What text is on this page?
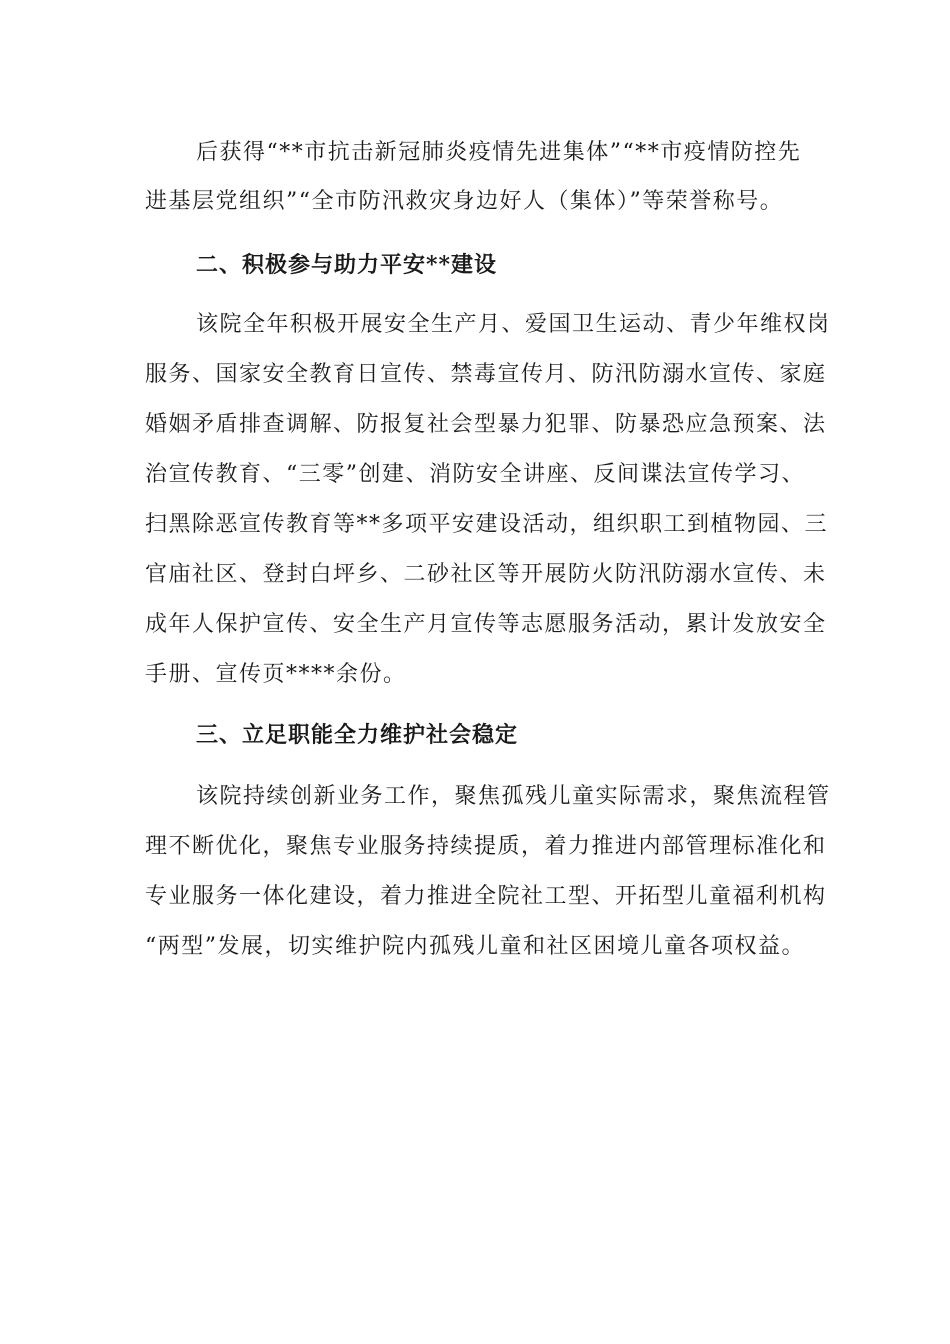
后获得“**市抗击新冠肺炎疫情先进集体”“**市疫情防控先
进基层党组织”“全市防汛救灾身边好人（集体）”等荣誉称号。
二、积极参与助力平安**建设
该院全年积极开展安全生产月、爱国卫生运动、青少年维权岗
服务、国家安全教育日宣传、禁毒宣传月、防汛防溺水宣传、家庭
婚姻矛盾排查调解、防报复社会型暴力犯罪、防暴恐应急预案、法
治宣传教育、“三零”创建、消防安全讲座、反间谍法宣传学习、
扫黑除恶宣传教育等**多项平安建设活动，组织职工到植物园、三
官庙社区、登封白坪乡、二砂社区等开展防火防汛防溺水宣传、未
成年人保护宣传、安全生产月宣传等志愿服务活动，累计发放安全
手册、宣传页****余份。
三、立足职能全力维护社会稳定
该院持续创新业务工作，聚焦孤残儿童实际需求，聚焦流程管
理不断优化，聚焦专业服务持续提质，着力推进内部管理标准化和
专业服务一体化建设，着力推进全院社工型、开拓型儿童福利机构
“两型”发展，切实维护院内孤残儿童和社区困境儿童各项权益。
